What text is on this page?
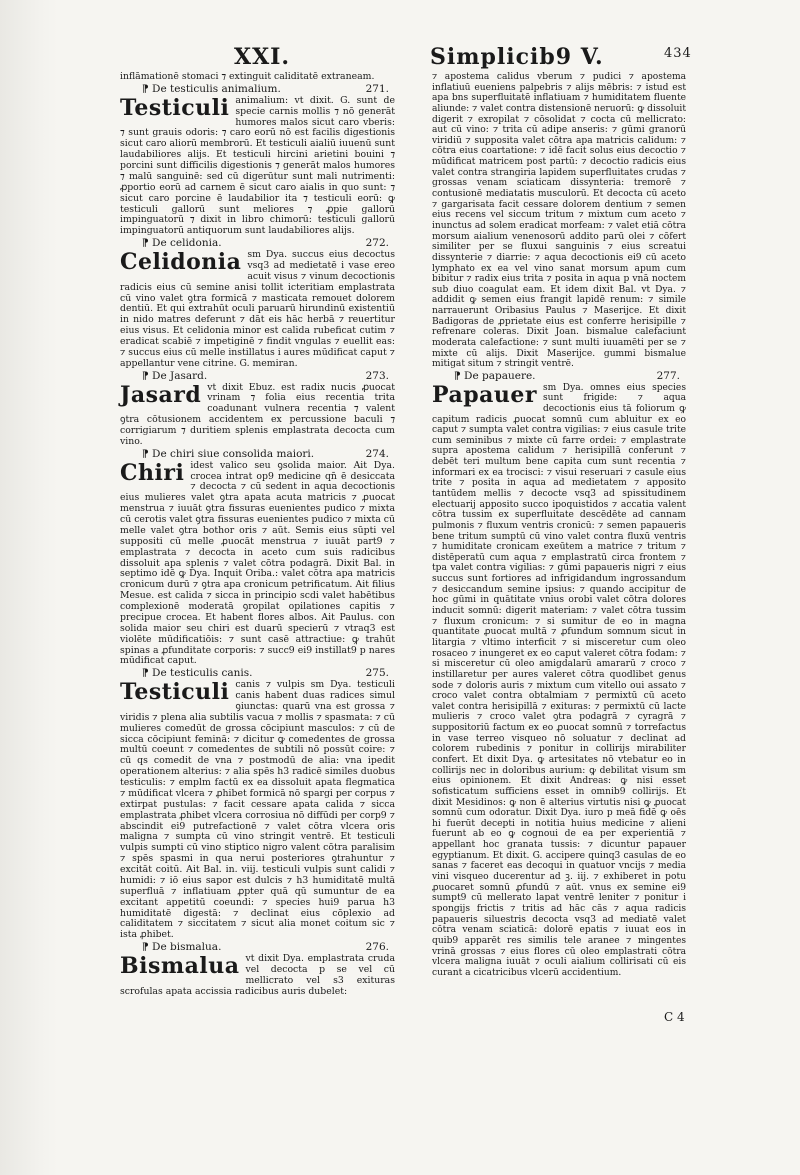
XXI.	Simplicib9 V.	434
inflāmationē stomaci ⁊ extinguit caliditatē extraneam.
⁋ De testiculis animalium.	271.
Testiculi animalium: vt dixit. G. sunt de specie carnis mollis ⁊ nō generāt humores malos sicut caro vberis: ⁊ sunt grauis odoris: ⁊ caro eorū nō est facilis digestionis sicut caro aliorū membrorū. Et testiculi aialiū iuuenū sunt laudabiliores alijs. Et testiculi hircini arietini bouini ⁊ porcini sunt difficilis digestionis ⁊ generāt malos humores ⁊ malū sanguinē: sed cū digerūtur sunt mali nutrimenti: ꝓportio eorū ad carnem ē sicut caro aialis in quo sunt: ⁊ sicut caro porcine ē laudabilior ita ⁊ testiculi eorū: ꝙ testiculi gallorū sunt meliores ⁊ ꝓpie gallorū impinguatorū ⁊ dixit in libro chimorū: testiculi gallorū impinguatorū antiquorum sunt laudabiliores alijs.
⁋ De celidonia.	272.
Celidonia sm Dya. succus eius decoctus vsq3 ad medietatē i vase ereo acuit visus ⁊ vinum decoctionis radicis eius cū semine anisi tollit icteritiam emplastrata cū vino valet ꝯtra formicā ⁊ masticata remouet dolorem dentiū. Et qui extrahūt oculi paruarū hirundinū existentiū in nido matres deferunt ⁊ dāt eis hāc herbā ⁊ reuertitur eius visus. Et celidonia minor est calida rubeficat cutim ⁊ eradicat scabiē ⁊ impetiginē ⁊ findit vngulas ⁊ euellit eas: ⁊ succus eius cū melle instillatus i aures mūdificat caput ⁊ appellantur vene citrine. G. memiran.
⁋ De Jasard.	273.
Jasard vt dixit Ebuz. est radix nucis ꝓuocat vrinam ⁊ folia eius recentia trita coadunant vulnera recentia ⁊ valent ꝯtra cōtusionem accidentem ex percussione baculi ⁊ corrigiarum ⁊ duritiem splenis emplastrata decocta cum vino.
⁋ De chiri siue consolida maiori.	274.
Chiri idest valico seu ꝯsolida maior. Ait Dya. crocea intrat op9 medicine qn̄ ē desiccata ⁊ decocta ⁊ cū sedent in aqua decoctionis eius mulieres valet ꝯtra apata acuta matricis ⁊ ꝓuocat menstrua ⁊ iuuāt ꝯtra fissuras euenientes pudico ⁊ mixta cū cerotis valet ꝯtra fissuras euenientes pudico ⁊ mixta cū melle valet ꝯtra bothor oris ⁊ aūt. Semis eius sūpti vel suppositi cū melle ꝓuocāt menstrua ⁊ iuuāt part9 ⁊ emplastrata ⁊ decocta in aceto cum suis radicibus dissoluit apa splenis ⁊ valet cōtra podagrā. Dixit Bal. in septimo idē ꝙ Dya. Inquit Oriba.: valet cōtra apa matricis cronicum durū ⁊ ꝯtra apa cronicum petrificatum. Ait filius Mesue. est calida ⁊ sicca in principio scdi valet habētibus complexionē moderatā ꝯropilat opilationes capitis ⁊ precipue crocea. Et habent flores albos. Ait Paulus. con solida maior seu chiri est duarū specierū ⁊ vtraq3 est violēte mūdificatiōis: ⁊ sunt casē attractiue: ꝙ trahūt spinas a ꝓfunditate corporis: ⁊ succ9 ei9 instillat9 p nares mūdificat caput.
⁋ De testiculis canis.	275.
Testiculi canis ⁊ vulpis sm Dya. testiculi canis habent duas radices simul ꝯiunctas: quarū vna est grossa ⁊ viridis ⁊ plena alia subtilis vacua ⁊ mollis ⁊ spasmata: ⁊ cū mulieres comedūt de grossa cōcipiunt masculos: ⁊ cū de sicca cōcipiunt feminā: ⁊ dicitur ꝙ comedentes de grossa multū coeunt ⁊ comedentes de subtili nō possūt coire: ⁊ cū qs comedit de vna ⁊ postmodū de alia: vna ipedit operationem alterius: ⁊ alia spēs h3 radicē similes duobus testiculis: ⁊ emplm factū ex ea dissoluit apata flegmatica ⁊ mūdificat vlcera ⁊ ꝓhibet formicā nō spargi per corpus ⁊ extirpat pustulas: ⁊ facit cessare apata calida ⁊ sicca emplastrata ꝓhibet vlcera corrosiua nō diffūdi per corp9 ⁊ abscindit ei9 putrefactionē ⁊ valet cōtra vlcera oris maligna ⁊ sumpta cū vino stringit ventrē. Et testiculi vulpis sumpti cū vino stiptico nigro valent cōtra paralisim ⁊ spēs spasmi in qua nerui posteriores ꝯtrahuntur ⁊ excitāt coitū. Ait Bal. in. viij. testiculi vulpis sunt calidi ⁊ humidi: ⁊ iō eius sapor est dulcis ⁊ h3 humiditatē multā superfluā ⁊ inflatiuam ꝓpter quā qū sumuntur de ea excitant appetitū coeundi: ⁊ species hui9 parua h3 humiditatē digestā: ⁊ declinat eius cōplexio ad caliditatem ⁊ siccitatem ⁊ sicut alia monet coitum sic ⁊ ista ꝓhibet.
⁋ De bismalua.	276.
Bismalua vt dixit Dya. emplastrata cruda vel decocta p se vel cū mellicrato vel s3 exituras scrofulas apata accissia radicibus auris dubelet:
⁊ apostema calidus vberum ⁊ pudici ⁊ apostema inflatiuū eueniens palpebris ⁊ alijs mēbris: ⁊ istud est apa bns superfluitatē inflatiuam ⁊ humiditatem fluente aliunde: ⁊ valet contra distensionē neruorū: ꝙ dissoluit digerit ⁊ exropilat ⁊ cōsolidat ⁊ cocta cū mellicrato: aut cū vino: ⁊ trita cū adipe anseris: ⁊ gūmi granorū viridiū ⁊ supposita valet cōtra apa matricis calidum: ⁊ cōtra eius coartatione: ⁊ idē facit solus eius decoctio ⁊ mūdificat matricem post partū: ⁊ decoctio radicis eius valet contra strangiria lapidem superfluitates crudas ⁊ grossas venam sciaticam dissynteria: tremorē ⁊ contusionē mediatatis musculorū. Et decocta cū aceto ⁊ gargarisata facit cessare dolorem dentium ⁊ semen eius recens vel siccum tritum ⁊ mixtum cum aceto ⁊ inunctus ad solem eradicat morfeam: ⁊ valet etiā cōtra morsum aialium venenosorū addito parū olei ⁊ cōfert similiter per se fluxui sanguinis ⁊ eius screatui dissynterie ⁊ diarrie: ⁊ aqua decoctionis ei9 cū aceto lymphato ex ea vel vino sanat morsum apum cum bibitur ⁊ radix eius trita ⁊ posita in aqua p vnā noctem sub diuo coagulat eam. Et idem dixit Bal. vt Dya. ⁊ addidit ꝙ semen eius frangit lapidē renum: ⁊ simile narrauerunt Oribasius Paulus ⁊ Maserijce. Et dixit Badigoras de ꝓprietate eius est conferre herisipille ⁊ refrenare coleras. Dixit Joan. bismalue calefaciunt moderata calefactione: ⁊ sunt multi iuuamēti per se ⁊ mixte cū alijs. Dixit Maserijce. gummi bismalue mitigat situm ⁊ stringit ventrē.
⁋ De papauere.	277.
Papauer sm Dya. omnes eius species sunt frigide: ⁊ aqua decoctionis eius tā foliorum ꝙ capitum radicis ꝓuocat somnū cum abluitur ex eo caput ⁊ sumpta valet contra vigilias: ⁊ eius casule trite cum seminibus ⁊ mixte cū farre ordei: ⁊ emplastrate supra apostema calidum ⁊ herisipillā conferunt ⁊ debēt teri multum bene capita cum sunt recentia ⁊ informari ex ea trocisci: ⁊ visui reseruari ⁊ casule eius trite ⁊ posita in aqua ad medietatem ⁊ apposito tantūdem mellis ⁊ decocte vsq3 ad spissitudinem electuarij apposito succo ipoquistidos ⁊ accatia valent cōtra tussim ex superfluitate descēdēte ad cannam pulmonis ⁊ fluxum ventris cronicū: ⁊ semen papaueris bene tritum sumptū cū vino valet contra fluxū ventris ⁊ humiditate cronicam exeūtem a matrice ⁊ tritum ⁊ distēperatū cum aqua ⁊ emplastratū circa frontem ⁊ tpa valet contra vigilias: ⁊ gūmi papaueris nigri ⁊ eius succus sunt fortiores ad infrigidandum ingrossandum ⁊ desiccandum semine ipsius: ⁊ quando accipitur de hoc gūmi in quātitate vnius orobi valet cōtra dolores inducit somnū: digerit materiam: ⁊ valet cōtra tussim ⁊ fluxum cronicum: ⁊ si sumitur de eo in magna quantitate ꝓuocat multā ⁊ ꝓfundum somnum sicut in litargia ⁊ vltimo interficit ⁊ si misceretur cum oleo rosaceo ⁊ inungeret ex eo caput valeret cōtra fodam: ⁊ si misceretur cū oleo amigdalarū amararū ⁊ croco ⁊ instillaretur per aures valeret cōtra quodlibet genus sode ⁊ doloris auris ⁊ mixtum cum vitello oui assato ⁊ croco valet contra obtalmiam ⁊ permixtū cū aceto valet contra herisipillā ⁊ exituras: ⁊ permixtū cū lacte mulieris ⁊ croco valet ꝯtra podagrā ⁊ cyragrā ⁊ suppositoriū factum ex eo ꝓuocat somnū ⁊ torrefactus in vase terreo visqueo nō soluatur ⁊ declinat ad colorem rubedinis ⁊ ponitur in collirijs mirabiliter confert. Et dixit Dya. ꝙ artesitates nō vtebatur eo in collirijs nec in doloribus aurium: ꝙ debilitat visum sm eius opinionem. Et dixit Andreas: ꝙ nisi esset sofisticatum sufficiens esset in omnib9 collirijs. Et dixit Mesidinos: ꝙ non ē alterius virtutis nisi ꝙ ꝓuocat somnū cum odoratur. Dixit Dya. iuro p meā fidē ꝙ oēs hi fuerūt decepti in notitia huius medicine ⁊ alieni fuerunt ab eo ꝙ cognoui de ea per experientiā ⁊ appellant hoc granata tussis: ⁊ dicuntur papauer egyptianum. Et dixit. G. accipere quinq3 casulas de eo sanas ⁊ faceret eas decoqui in quatuor vncijs ⁊ media vini visqueo ducerentur ad ꝫ. iij. ⁊ exhiberet in potu ꝓuocaret somnū ꝓfundū ⁊ aūt. vnus ex semine ei9 sumpt9 cū mellerato lapat ventrē leniter ⁊ ponitur i spongijs frictis ⁊ tritis ad hāc cās ⁊ aqua radicis papaueris siluestris decocta vsq3 ad mediatē valet cōtra venam sciaticā: dolorē epatis ⁊ iuuat eos in quib9 apparēt res similis tele aranee ⁊ mingentes vrinā grossas ⁊ eius flores cū oleo emplastrati cōtra vlcera maligna iuuāt ⁊ oculi aialium collirisati cū eis curant a cicatricibus vlcerū accidentium.
C 4
